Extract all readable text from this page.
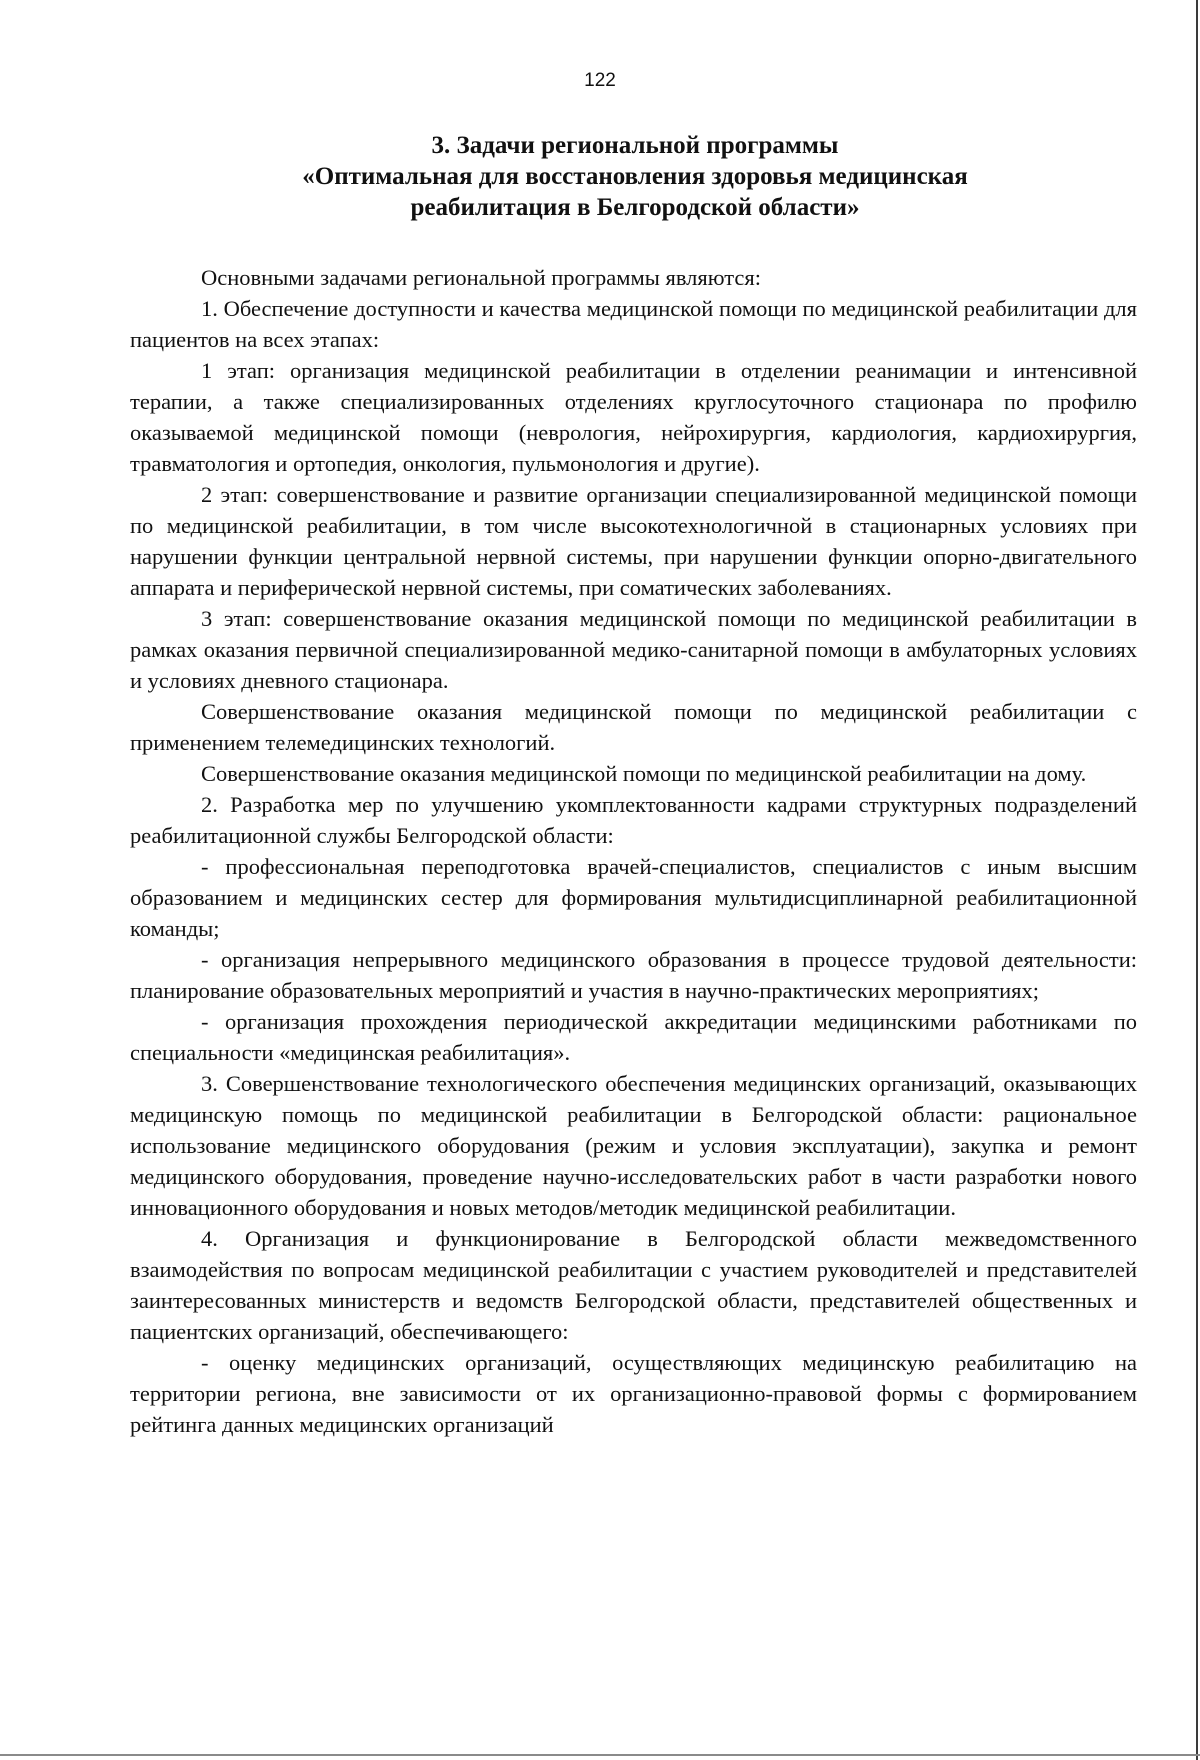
122
3. Задачи региональной программы
«Оптимальная для восстановления здоровья медицинская
реабилитация в Белгородской области»

Основными задачами региональной программы являются:

1. Обеспечение доступности и качества медицинской помощи по медицинской реабилитации для пациентов на всех этапах:

1 этап: организация медицинской реабилитации в отделении реанимации и интенсивной терапии, а также специализированных отделениях круглосуточного стационара по профилю оказываемой медицинской помощи (неврология, нейрохирургия, кардиология, кардиохирургия, травматология и ортопедия, онкология, пульмонология и другие).

2 этап: совершенствование и развитие организации специализированной медицинской помощи по медицинской реабилитации, в том числе высокотехнологичной в стационарных условиях при нарушении функции центральной нервной системы, при нарушении функции опорно-двигательного аппарата и периферической нервной системы, при соматических заболеваниях.

3 этап: совершенствование оказания медицинской помощи по медицинской реабилитации в рамках оказания первичной специализированной медико-санитарной помощи в амбулаторных условиях и условиях дневного стационара.

Совершенствование оказания медицинской помощи по медицинской реабилитации с применением телемедицинских технологий.

Совершенствование оказания медицинской помощи по медицинской реабилитации на дому.

2. Разработка мер по улучшению укомплектованности кадрами структурных подразделений реабилитационной службы Белгородской области:

- профессиональная переподготовка врачей-специалистов, специалистов с иным высшим образованием и медицинских сестер для формирования мультидисциплинарной реабилитационной команды;

- организация непрерывного медицинского образования в процессе трудовой деятельности: планирование образовательных мероприятий и участия в научно-практических мероприятиях;

- организация прохождения периодической аккредитации медицинскими работниками по специальности «медицинская реабилитация».

3. Совершенствование технологического обеспечения медицинских организаций, оказывающих медицинскую помощь по медицинской реабилитации в Белгородской области: рациональное использование медицинского оборудования (режим и условия эксплуатации), закупка и ремонт медицинского оборудования, проведение научно-исследовательских работ в части разработки нового инновационного оборудования и новых методов/методик медицинской реабилитации.

4. Организация и функционирование в Белгородской области межведомственного взаимодействия по вопросам медицинской реабилитации с участием руководителей и представителей заинтересованных министерств и ведомств Белгородской области, представителей общественных и пациентских организаций, обеспечивающего:

- оценку медицинских организаций, осуществляющих медицинскую реабилитацию на территории региона, вне зависимости от их организационно-правовой формы с формированием рейтинга данных медицинских организаций
